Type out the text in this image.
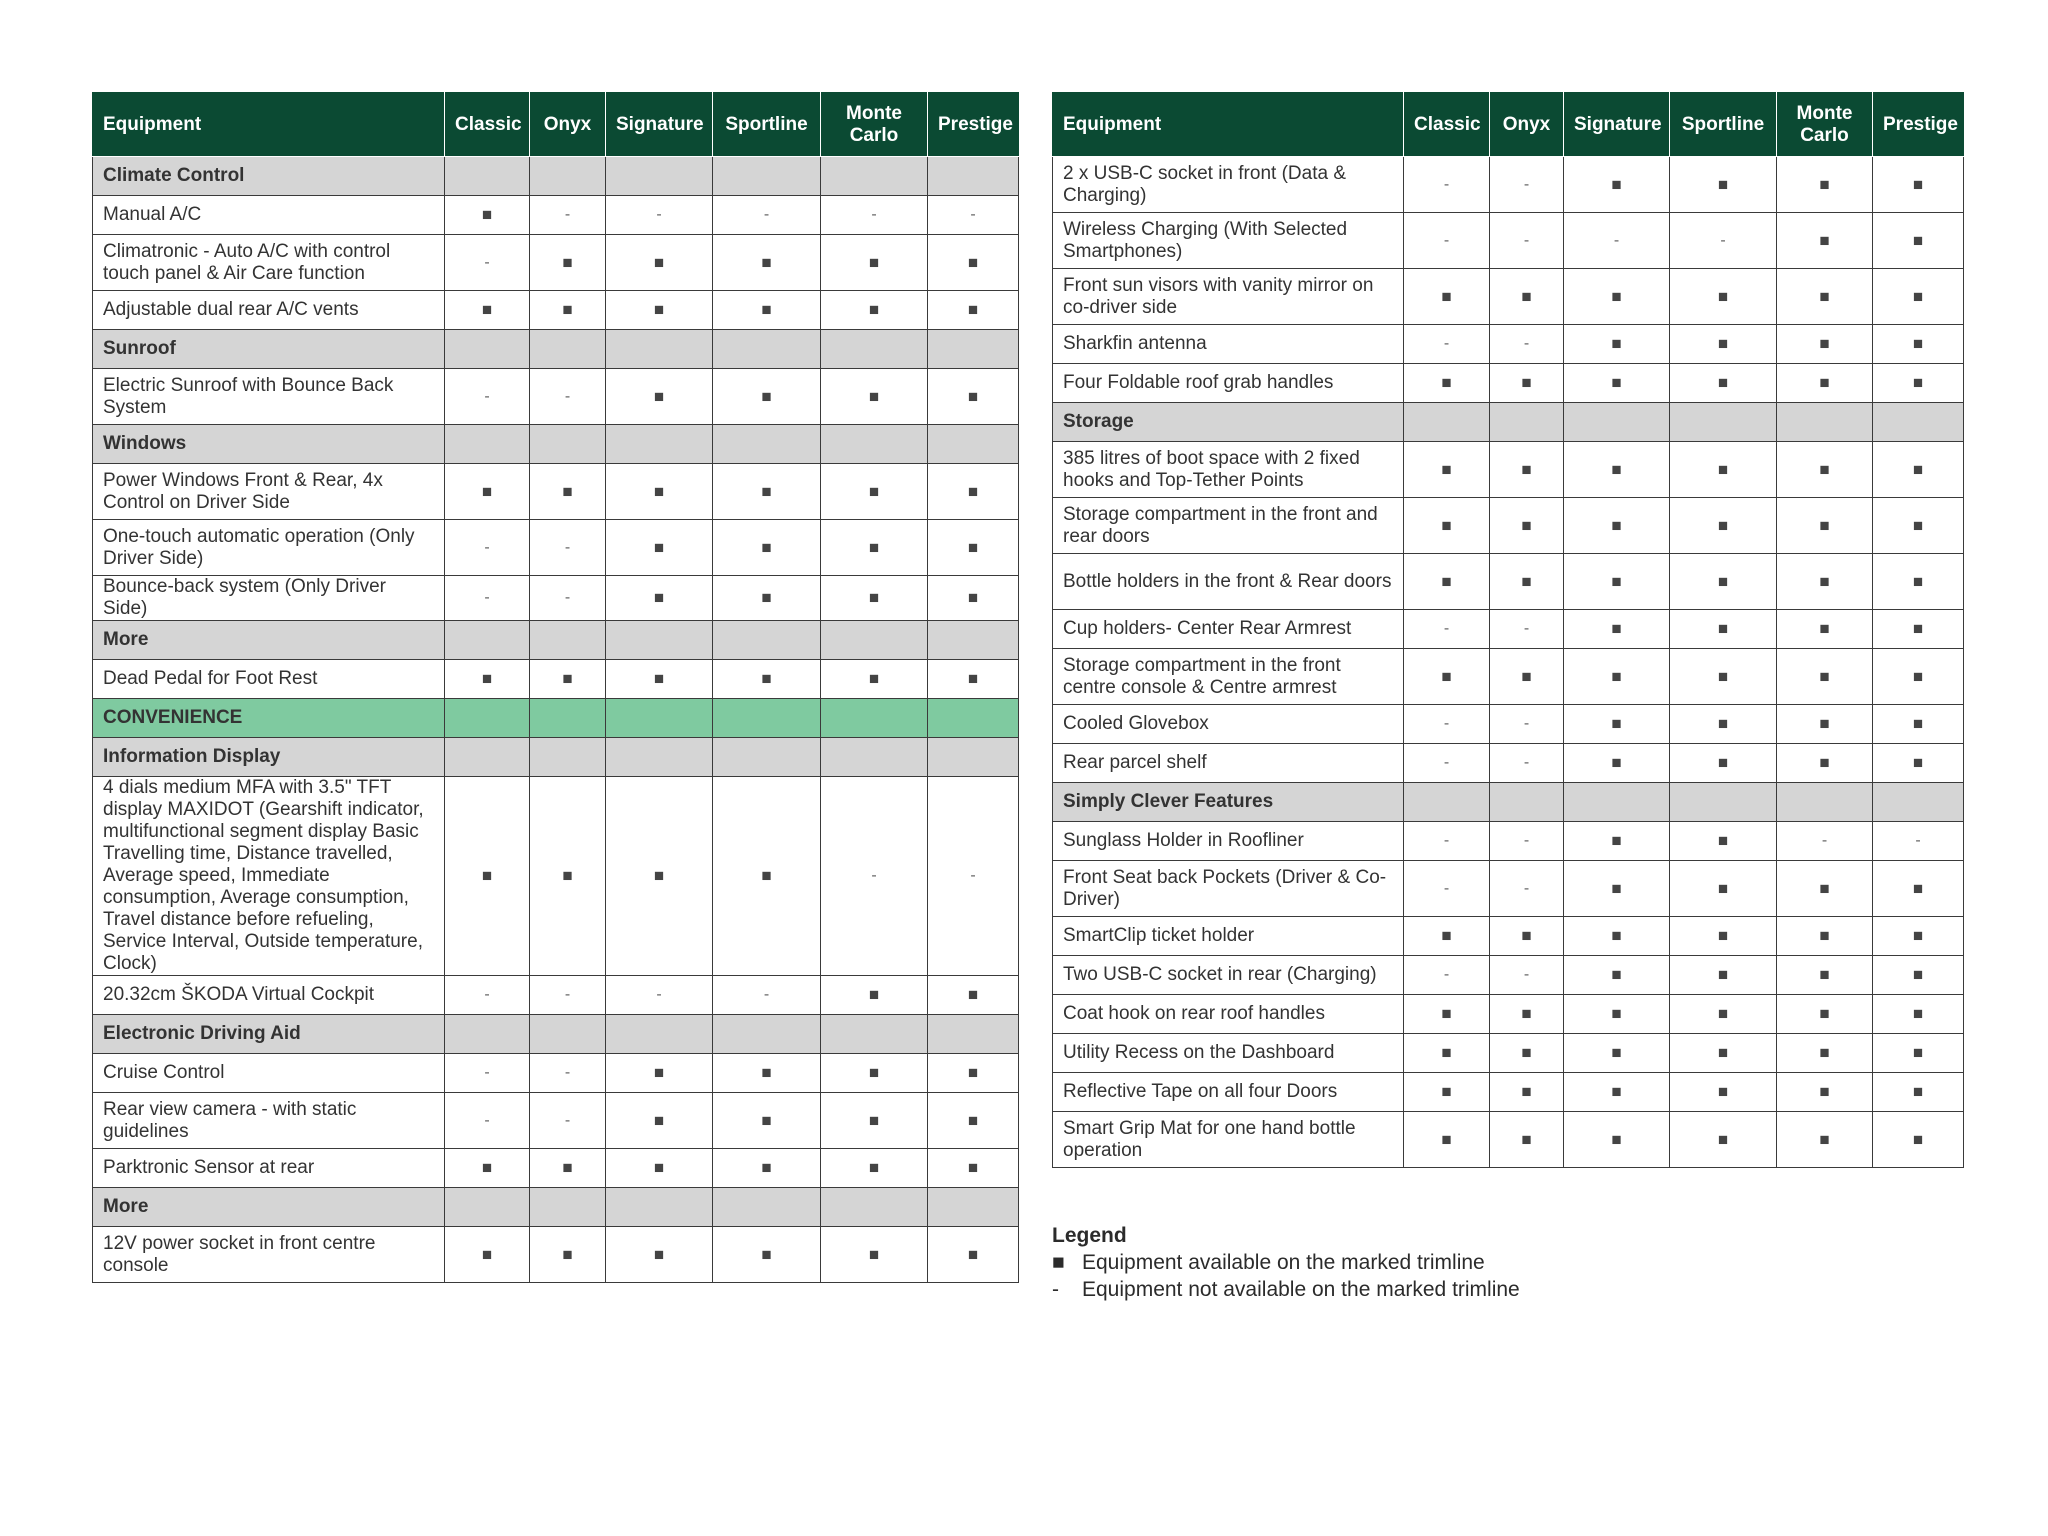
Equipment	Classic	Onyx	Signature	Sportline	Monte Carlo	Prestige
Climate Control						
Manual A/C	■	-	-	-	-	-
Climatronic - Auto A/C with control touch panel & Air Care function	-	■	■	■	■	■
Adjustable dual rear A/C vents	■	■	■	■	■	■
Sunroof						
Electric Sunroof with Bounce Back System	-	-	■	■	■	■
Windows						
Power Windows Front & Rear, 4x Control on Driver Side	■	■	■	■	■	■
One-touch automatic operation (Only Driver Side)	-	-	■	■	■	■
Bounce-back system (Only Driver Side)	-	-	■	■	■	■
More						
Dead Pedal for Foot Rest	■	■	■	■	■	■
CONVENIENCE						
Information Display						
4 dials medium MFA with 3.5" TFT display MAXIDOT (Gearshift indicator, multifunctional segment display Basic Travelling time, Distance travelled, Average speed, Immediate consumption, Average consumption, Travel distance before refueling, Service Interval, Outside temperature, Clock)	■	■	■	■	-	-
20.32cm ŠKODA Virtual Cockpit	-	-	-	-	■	■
Electronic Driving Aid						
Cruise Control	-	-	■	■	■	■
Rear view camera - with static guidelines	-	-	■	■	■	■
Parktronic Sensor at rear	■	■	■	■	■	■
More						
12V power socket in front centre console	■	■	■	■	■	■
Equipment	Classic	Onyx	Signature	Sportline	Monte Carlo	Prestige
2 x USB-C socket in front (Data & Charging)	-	-	■	■	■	■
Wireless Charging (With Selected Smartphones)	-	-	-	-	■	■
Front sun visors with vanity mirror on co-driver side	■	■	■	■	■	■
Sharkfin antenna	-	-	■	■	■	■
Four Foldable roof grab handles	■	■	■	■	■	■
Storage						
385 litres of boot space with 2 fixed hooks and Top-Tether Points	■	■	■	■	■	■
Storage compartment in the front and rear doors	■	■	■	■	■	■
Bottle holders in the front & Rear doors	■	■	■	■	■	■
Cup holders- Center Rear Armrest	-	-	■	■	■	■
Storage compartment in the front centre console & Centre armrest	■	■	■	■	■	■
Cooled Glovebox	-	-	■	■	■	■
Rear parcel shelf	-	-	■	■	■	■
Simply Clever Features						
Sunglass Holder in Roofliner	-	-	■	■	-	-
Front Seat back Pockets (Driver & Co-Driver)	-	-	■	■	■	■
SmartClip ticket holder	■	■	■	■	■	■
Two USB-C socket in rear (Charging)	-	-	■	■	■	■
Coat hook on rear roof handles	■	■	■	■	■	■
Utility Recess on the Dashboard	■	■	■	■	■	■
Reflective Tape on all four Doors	■	■	■	■	■	■
Smart Grip Mat for one hand bottle operation	■	■	■	■	■	■
Legend
■ Equipment available on the marked trimline
-	Equipment not available on the marked trimline
